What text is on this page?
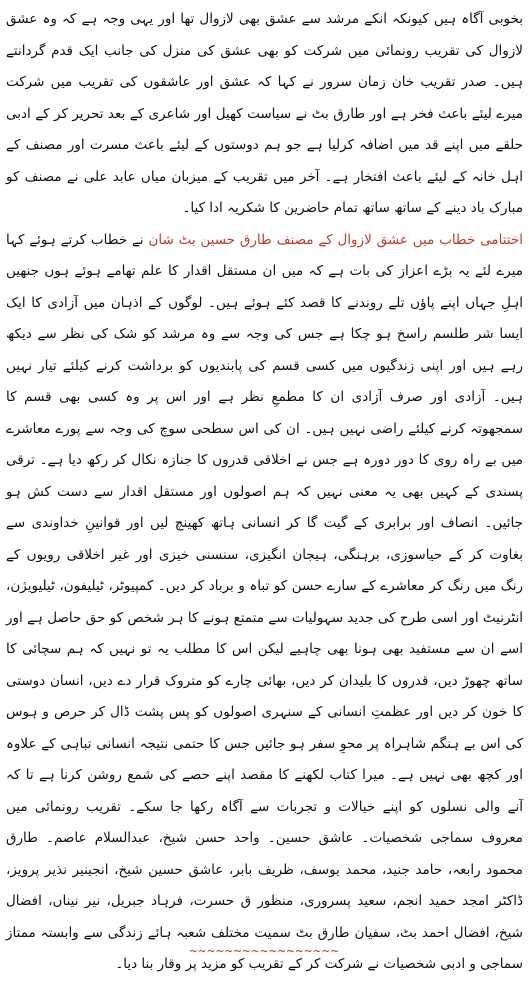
بخوبی آگاہ ہیں کیونکہ انکے مرشد سے عشق بھی لازوال تھا اور یہی وجہ ہے کہ وہ عشق لازوال کی تقریب رونمائی میں شرکت کو بھی عشق کی منزل کی جانب ایک قدم گردانتے ہیں۔ صدر تقریب خان زمان سرور نے کہا کہ عشق اور عاشقوں کی تقریب میں شرکت میرے لیئے باعث فخر ہے اور طارق بٹ نے سیاست کھیل اور شاعری کے بعد تحریر کر کے ادبی حلقے میں اپنے قد میں اضافہ کرلیا ہے جو ہم دوستوں کے لیئے باعث مسرت اور مصنف کے اہل خانہ کے لیئے باعث افتخار ہے۔ آخر میں تقریب کے میزبان میاں عابد علی نے مصنف کو مبارک باد دینے کے ساتھ ساتھ تمام حاضرین کا شکریہ ادا کیا۔

اختتامی خطاب میں عشق لازوال کے مصنف طارق حسین بٹ شان نے خطاب کرتے ہوئے کہا میرے لئے یہ بڑے اعزاز کی بات ہے کہ میں ان مستقل اقدار کا علم تھامے ہوئے ہوں جنھیں اہلِ جہاں اپنے پاؤں تلے روندنے کا قصد کئے ہوئے ہیں۔ لوگوں کے اذہان میں آزادی کا ایک ایسا شر طلسم راسخ ہو چکا ہے جس کی وجہ سے وہ مرشد کو شک کی نظر سے دیکھ رہے ہیں اور اپنی زندگیوں میں کسی قسم کی پابندیوں کو برداشت کرنے کیلئے تیار نہیں ہیں۔ آزادی اور صرف آزادی ان کا مطمعِ نظر ہے اور اس پر وہ کسی بھی قسم کا سمجھوتہ کرنے کیلئے راضی نہیں ہیں۔ ان کی اس سطحی سوچ کی وجہ سے پورے معاشرے میں بے راہ روی کا دور دورہ ہے جس نے اخلاقی قدروں کا جنازہ نکال کر رکھ دیا ہے۔ ترقی پسندی کے کہیں بھی یہ معنی نہیں کہ ہم اصولوں اور مستقل اقدار سے دست کش ہو جائیں۔ انصاف اور برابری کے گیت گا کر انسانی ہاتھ کھینچ لیں اور قوانینِ خداوندی سے بغاوت کر کے حیاسوزی، برہنگی، ہیجان انگیزی، سنسنی خیزی اور غیر اخلاقی رویوں کے رنگ میں رنگ کر معاشرے کے سارے حسن کو تباہ و برباد کر دیں۔ کمپیوٹر، ٹیلیفون، ٹیلیویژن، انٹرنیٹ اور اسی طرح کی جدید سہولیات سے متمتع ہونے کا ہر شخص کو حق حاصل ہے اور اسے ان سے مستفید بھی ہونا بھی چاہیے لیکن اس کا مطلب یہ تو نہیں کہ ہم سچائی کا ساتھ چھوڑ دیں، قدروں کا بلیدان کر دیں، بھائی چارے کو متروک قرار دے دیں، انسان دوستی کا خون کر دیں اور عظمتِ انسانی کے سنہری اصولوں کو پس پشت ڈال کر حرص و ہوس کی اس بے ہنگم شاہراہ پر محوِ سفر ہو جائیں جس کا حتمی نتیجہ انسانی تباہی کے علاوہ اور کچھ بھی نہیں ہے۔ میرا کتاب لکھنے کا مقصد اپنے حصے کی شمع روشن کرنا ہے تا کہ آنے والی نسلوں کو اپنے خیالات و تجربات سے آگاہ رکھا جا سکے۔ تقریب رونمائی میں معروف سماجی شخصیات۔ عاشق حسین۔ واحد حسن شیخ، عبدالسلام عاصم۔ طارق محمود رابعہ، حامد جنید، محمد یوسف، ظریف بابر، عاشق حسین شیخ، انجینیر نذیر پرویز، ڈاکٹر امجد حمید انجم، سعید پسروری، منظور ق حسرت، فرہاد جبریل، نیر نیناں، افضال شیخ، افضال احمد بٹ، سفیان طارق بٹ سمیت مختلف شعبہ ہائے زندگی سے وابستہ ممتاز سماجی و ادبی شخصیات نے شرکت کر کے تقریب کو مزید پر وقار بنا دیا۔

~~~~~~~~~~~~~~~~~
